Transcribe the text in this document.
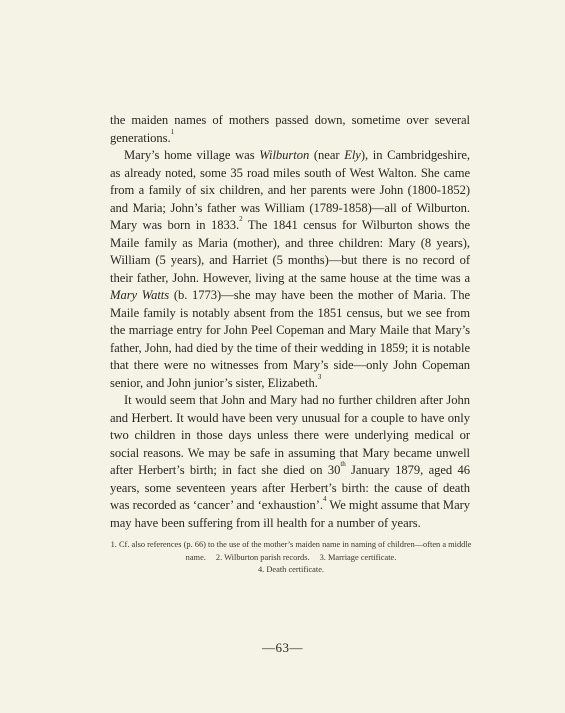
the maiden names of mothers passed down, sometime over several generations.$^1$

Mary’s home village was Wilburton (near Ely), in Cambridgeshire, as already noted, some 35 road miles south of West Walton. She came from a family of six children, and her parents were John (1800-1852) and Maria; John’s father was William (1789-1858)—all of Wilburton. Mary was born in 1833.$^2$ The 1841 census for Wilburton shows the Maile family as Maria (mother), and three children: Mary (8 years), William (5 years), and Harriet (5 months)—but there is no record of their father, John. However, living at the same house at the time was a Mary Watts (b. 1773)—she may have been the mother of Maria. The Maile family is notably absent from the 1851 census, but we see from the marriage entry for John Peel Copeman and Mary Maile that Mary’s father, John, had died by the time of their wedding in 1859; it is notable that there were no witnesses from Mary’s side—only John Copeman senior, and John junior’s sister, Elizabeth.$^3$

It would seem that John and Mary had no further children after John and Herbert. It would have been very unusual for a couple to have only two children in those days unless there were underlying medical or social reasons. We may be safe in assuming that Mary became unwell after Herbert’s birth; in fact she died on 30th January 1879, aged 46 years, some seventeen years after Herbert’s birth: the cause of death was recorded as ‘cancer’ and ‘exhaustion’.$^4$ We might assume that Mary may have been suffering from ill health for a number of years.

1. Cf. also references (p. 66) to the use of the mother’s maiden name in naming of children—often a middle name. 2. Wilburton parish records. 3. Marriage certificate.

4. Death certificate.

—63—
